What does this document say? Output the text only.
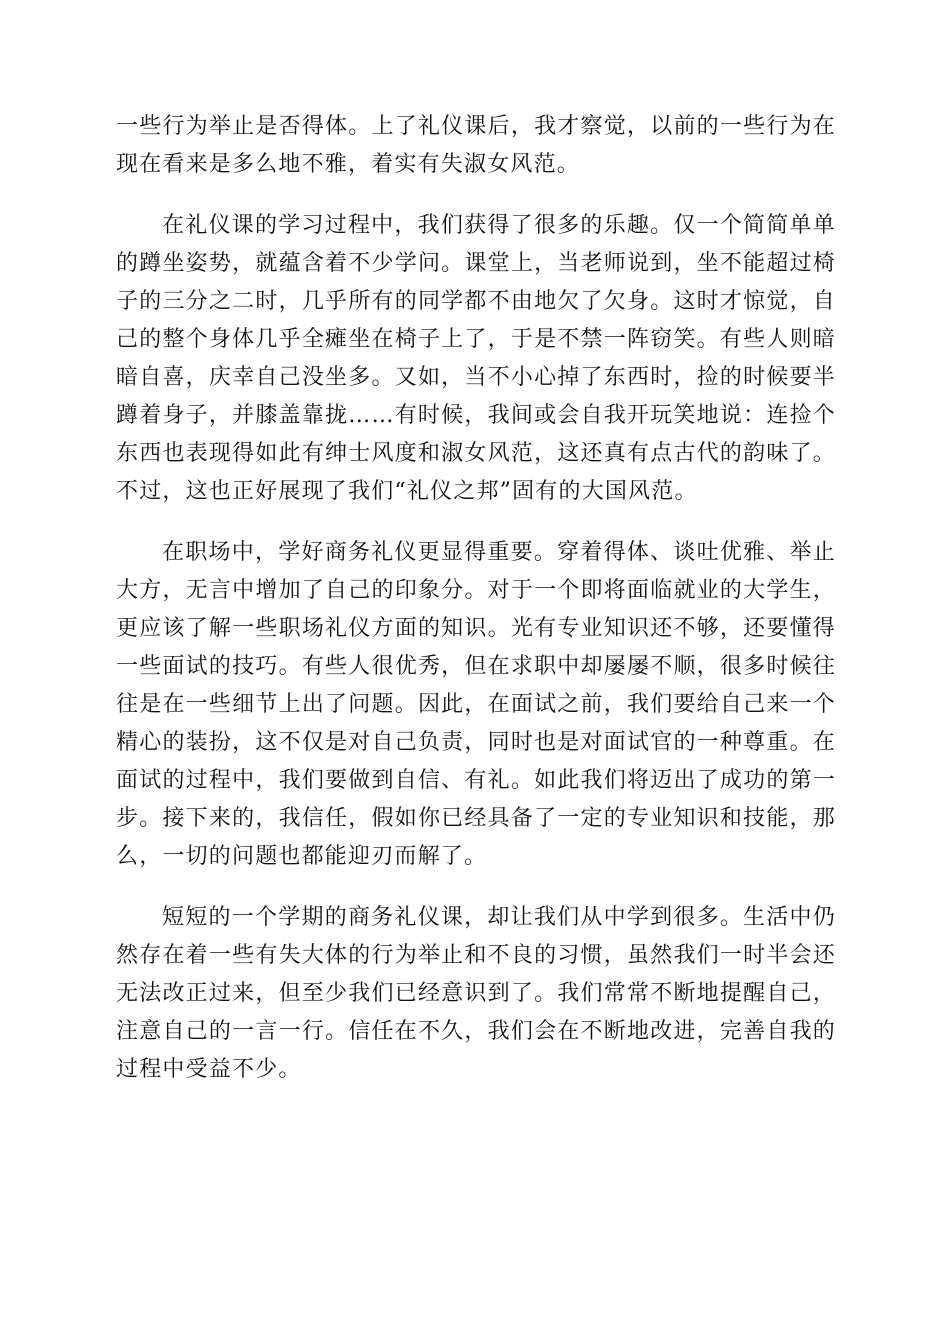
一些行为举止是否得体。上了礼仪课后，我才察觉，以前的一些行为在现在看来是多么地不雅，着实有失淑女风范。

在礼仪课的学习过程中，我们获得了很多的乐趣。仅一个简简单单的蹲坐姿势，就蕴含着不少学问。课堂上，当老师说到，坐不能超过椅子的三分之二时，几乎所有的同学都不由地欠了欠身。这时才惊觉，自己的整个身体几乎全瘫坐在椅子上了，于是不禁一阵窃笑。有些人则暗暗自喜，庆幸自己没坐多。又如，当不小心掉了东西时，捡的时候要半蹲着身子，并膝盖靠拢……有时候，我间或会自我开玩笑地说：连捡个东西也表现得如此有绅士风度和淑女风范，这还真有点古代的韵味了。不过，这也正好展现了我们“礼仪之邦”固有的大国风范。

在职场中，学好商务礼仪更显得重要。穿着得体、谈吐优雅、举止大方，无言中增加了自己的印象分。对于一个即将面临就业的大学生，更应该了解一些职场礼仪方面的知识。光有专业知识还不够，还要懂得一些面试的技巧。有些人很优秀，但在求职中却屡屡不顺，很多时候往往是在一些细节上出了问题。因此，在面试之前，我们要给自己来一个精心的装扮，这不仅是对自己负责，同时也是对面试官的一种尊重。在面试的过程中，我们要做到自信、有礼。如此我们将迈出了成功的第一步。接下来的，我信任，假如你已经具备了一定的专业知识和技能，那么，一切的问题也都能迎刃而解了。

短短的一个学期的商务礼仪课，却让我们从中学到很多。生活中仍然存在着一些有失大体的行为举止和不良的习惯，虽然我们一时半会还无法改正过来，但至少我们已经意识到了。我们常常不断地提醒自己，注意自己的一言一行。信任在不久，我们会在不断地改进，完善自我的过程中受益不少。
